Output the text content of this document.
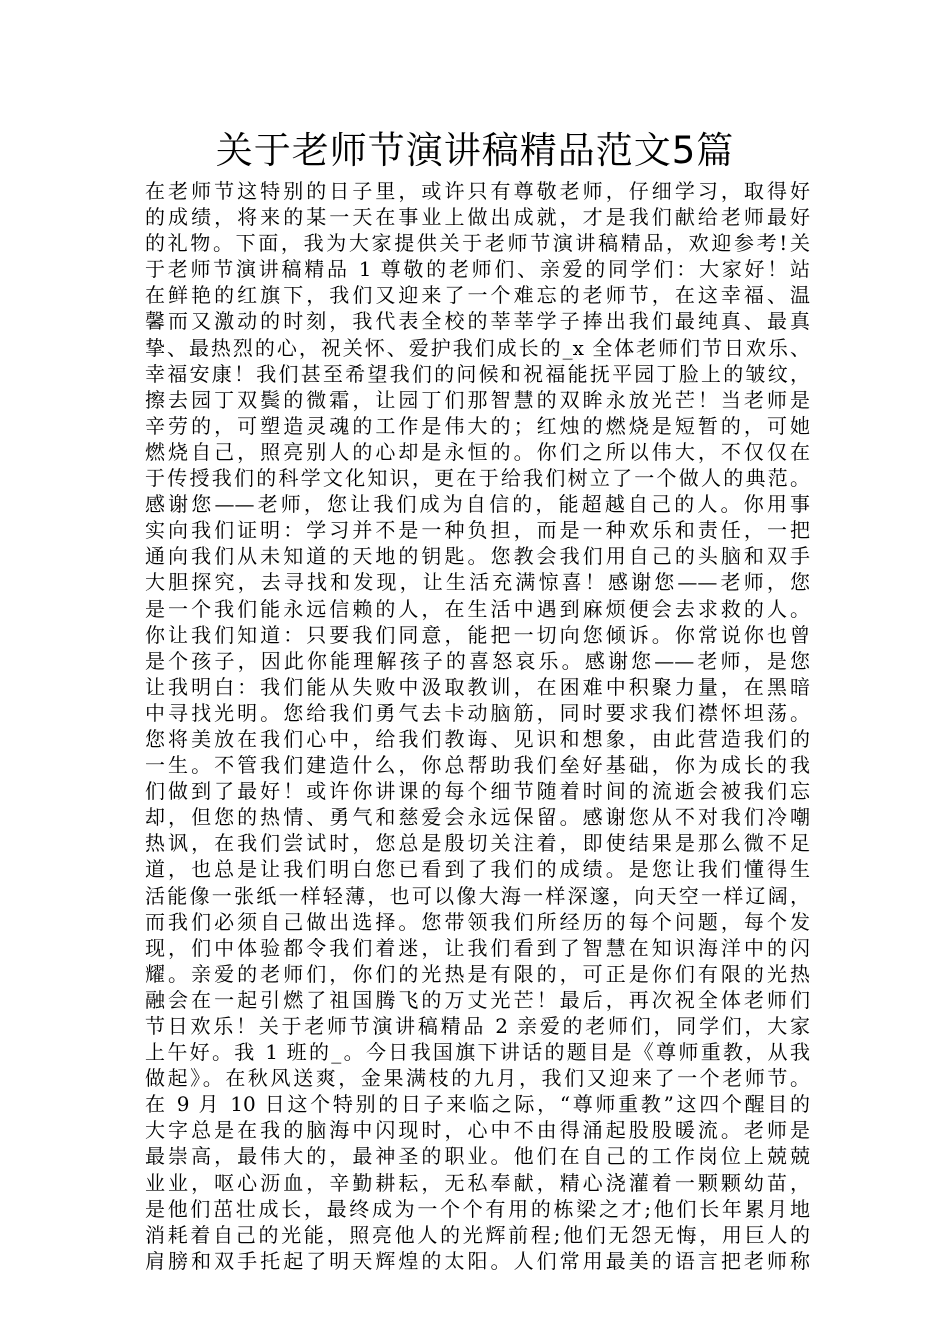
关于老师节演讲稿精品范文5篇
在老师节这特别的日子里，或许只有尊敬老师，仔细学习，取得好
的成绩，将来的某一天在事业上做出成就，才是我们献给老师最好
的礼物。下面，我为大家提供关于老师节演讲稿精品，欢迎参考!关
于老师节演讲稿精品 1 尊敬的老师们、亲爱的同学们：大家好！站
在鲜艳的红旗下，我们又迎来了一个难忘的老师节，在这幸福、温
馨而又激动的时刻，我代表全校的莘莘学子捧出我们最纯真、最真
挚、最热烈的心，祝关怀、爱护我们成长的_x 全体老师们节日欢乐、
幸福安康！我们甚至希望我们的问候和祝福能抚平园丁脸上的皱纹，
擦去园丁双鬓的微霜，让园丁们那智慧的双眸永放光芒！当老师是
辛劳的，可塑造灵魂的工作是伟大的；红烛的燃烧是短暂的，可她
燃烧自己，照亮别人的心却是永恒的。你们之所以伟大，不仅仅在
于传授我们的科学文化知识，更在于给我们树立了一个做人的典范。
感谢您——老师，您让我们成为自信的，能超越自己的人。你用事
实向我们证明：学习并不是一种负担，而是一种欢乐和责任，一把
通向我们从未知道的天地的钥匙。您教会我们用自己的头脑和双手
大胆探究，去寻找和发现，让生活充满惊喜！感谢您——老师，您
是一个我们能永远信赖的人，在生活中遇到麻烦便会去求救的人。
你让我们知道：只要我们同意，能把一切向您倾诉。你常说你也曾
是个孩子，因此你能理解孩子的喜怒哀乐。感谢您——老师，是您
让我明白：我们能从失败中汲取教训，在困难中积聚力量，在黑暗
中寻找光明。您给我们勇气去卡动脑筋，同时要求我们襟怀坦荡。
您将美放在我们心中，给我们教诲、见识和想象，由此营造我们的
一生。不管我们建造什么，你总帮助我们垒好基础，你为成长的我
们做到了最好！或许你讲课的每个细节随着时间的流逝会被我们忘
却，但您的热情、勇气和慈爱会永远保留。感谢您从不对我们冷嘲
热讽，在我们尝试时，您总是殷切关注着，即使结果是那么微不足
道，也总是让我们明白您已看到了我们的成绩。是您让我们懂得生
活能像一张纸一样轻薄，也可以像大海一样深邃，向天空一样辽阔，
而我们必须自己做出选择。您带领我们所经历的每个问题，每个发
现，们中体验都令我们着迷，让我们看到了智慧在知识海洋中的闪
耀。亲爱的老师们，你们的光热是有限的，可正是你们有限的光热
融会在一起引燃了祖国腾飞的万丈光芒！最后，再次祝全体老师们
节日欢乐！关于老师节演讲稿精品 2 亲爱的老师们，同学们，大家
上午好。我 1 班的_。今日我国旗下讲话的题目是《尊师重教，从我
做起》。在秋风送爽，金果满枝的九月，我们又迎来了一个老师节。
在 9 月 10 日这个特别的日子来临之际，“尊师重教”这四个醒目的
大字总是在我的脑海中闪现时，心中不由得涌起股股暖流。老师是
最崇高，最伟大的，最神圣的职业。他们在自己的工作岗位上兢兢
业业，呕心沥血，辛勤耕耘，无私奉献，精心浇灌着一颗颗幼苗，
是他们茁壮成长，最终成为一个个有用的栋梁之才;他们长年累月地
消耗着自己的光能，照亮他人的光辉前程;他们无怨无悔，用巨人的
肩膀和双手托起了明天辉煌的太阳。人们常用最美的语言把老师称
